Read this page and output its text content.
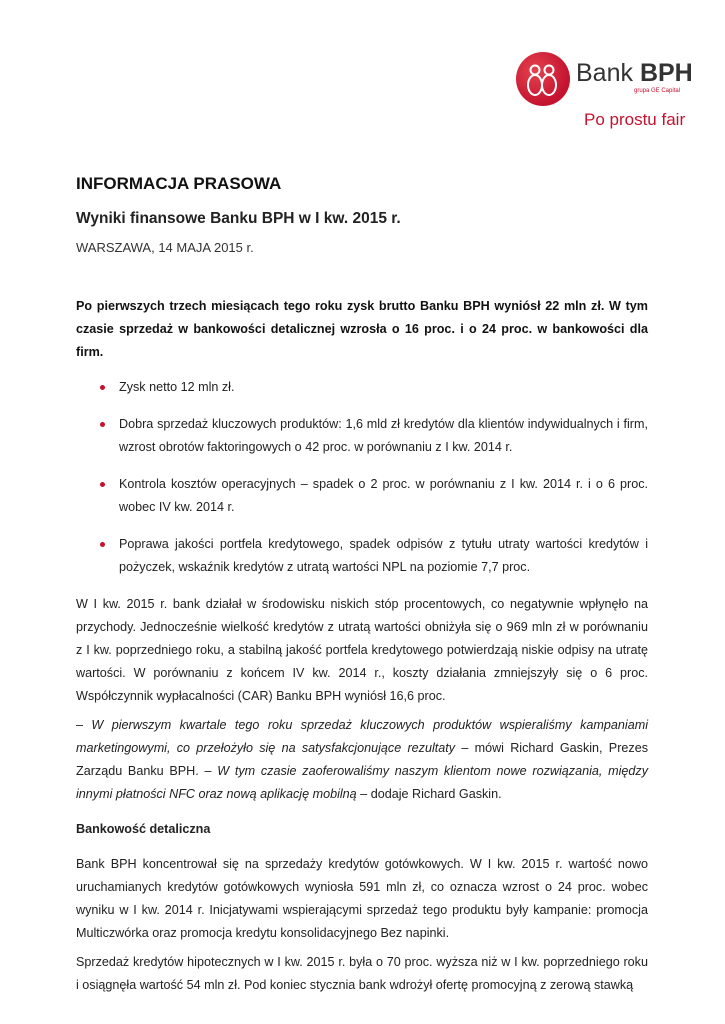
Bank BPH
grupa GE Capital
Po prostu fair
INFORMACJA PRASOWA
Wyniki finansowe Banku BPH w I kw. 2015 r.

WARSZAWA, 14 MAJA 2015 r.

Po pierwszych trzech miesiącach tego roku zysk brutto Banku BPH wyniósł 22 mln zł. W tym czasie sprzedaż w bankowości detalicznej wzrosła o 16 proc. i o 24 proc. w bankowości dla firm.

Zysk netto 12 mln zł.
Dobra sprzedaż kluczowych produktów: 1,6 mld zł kredytów dla klientów indywidualnych i firm, wzrost obrotów faktoringowych o 42 proc. w porównaniu z I kw. 2014 r.
Kontrola kosztów operacyjnych – spadek o 2 proc. w porównaniu z I kw. 2014 r. i o 6 proc. wobec IV kw. 2014 r.
Poprawa jakości portfela kredytowego, spadek odpisów z tytułu utraty wartości kredytów i pożyczek, wskaźnik kredytów z utratą wartości NPL na poziomie 7,7 proc.

W I kw. 2015 r. bank działał w środowisku niskich stóp procentowych, co negatywnie wpłynęło na przychody. Jednocześnie wielkość kredytów z utratą wartości obniżyła się o 969 mln zł w porównaniu z I kw. poprzedniego roku, a stabilną jakość portfela kredytowego potwierdzają niskie odpisy na utratę wartości. W porównaniu z końcem IV kw. 2014 r., koszty działania zmniejszyły się o 6 proc. Współczynnik wypłacalności (CAR) Banku BPH wyniósł 16,6 proc.

– W pierwszym kwartale tego roku sprzedaż kluczowych produktów wspieraliśmy kampaniami marketingowymi, co przełożyło się na satysfakcjonujące rezultaty – mówi Richard Gaskin, Prezes Zarządu Banku BPH. – W tym czasie zaoferowaliśmy naszym klientom nowe rozwiązania, między innymi płatności NFC oraz nową aplikację mobilną – dodaje Richard Gaskin.

Bankowość detaliczna

Bank BPH koncentrował się na sprzedaży kredytów gotówkowych. W I kw. 2015 r. wartość nowo uruchamianych kredytów gotówkowych wyniosła 591 mln zł, co oznacza wzrost o 24 proc. wobec wyniku w I kw. 2014 r. Inicjatywami wspierającymi sprzedaż tego produktu były kampanie: promocja Multiczwórka oraz promocja kredytu konsolidacyjnego Bez napinki.

Sprzedaż kredytów hipotecznych w I kw. 2015 r. była o 70 proc. wyższa niż w I kw. poprzedniego roku i osiągnęła wartość 54 mln zł. Pod koniec stycznia bank wdrożył ofertę promocyjną z zerową stawką
